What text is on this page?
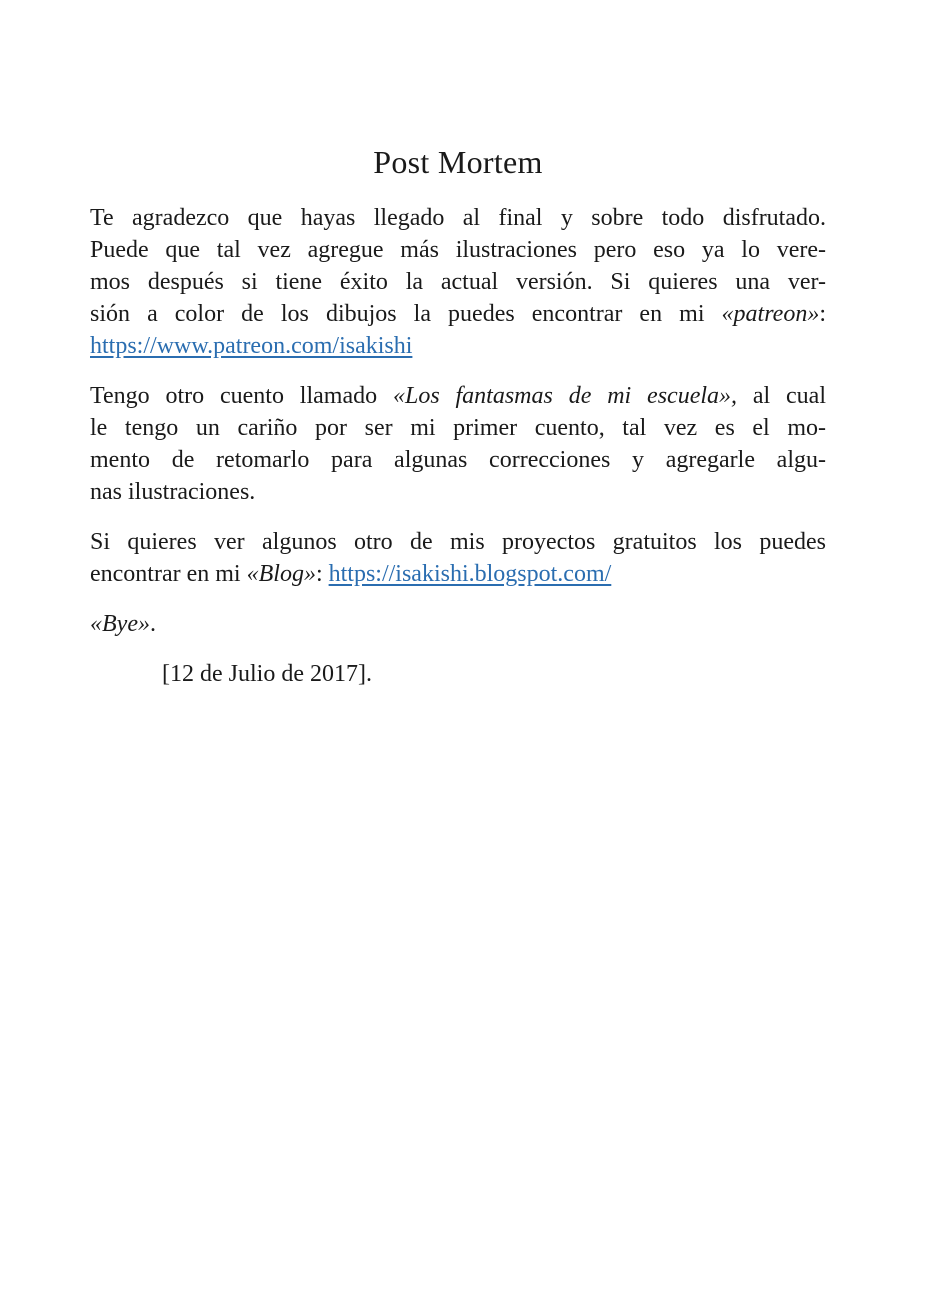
Post Mortem
Te agradezco que hayas llegado al final y sobre todo disfrutado.
Puede que tal vez agregue más ilustraciones pero eso ya lo vere-
mos después si tiene éxito la actual versión. Si quieres una ver-
sión a color de los dibujos la puedes encontrar en mi «patreon»:
https://www.patreon.com/isakishi
Tengo otro cuento llamado «Los fantasmas de mi escuela», al cual
le tengo un cariño por ser mi primer cuento, tal vez es el mo-
mento de retomarlo para algunas correcciones y agregarle algu-
nas ilustraciones.
Si quieres ver algunos otro de mis proyectos gratuitos los puedes
encontrar en mi «Blog»: https://isakishi.blogspot.com/

«Bye».

[12 de Julio de 2017].
